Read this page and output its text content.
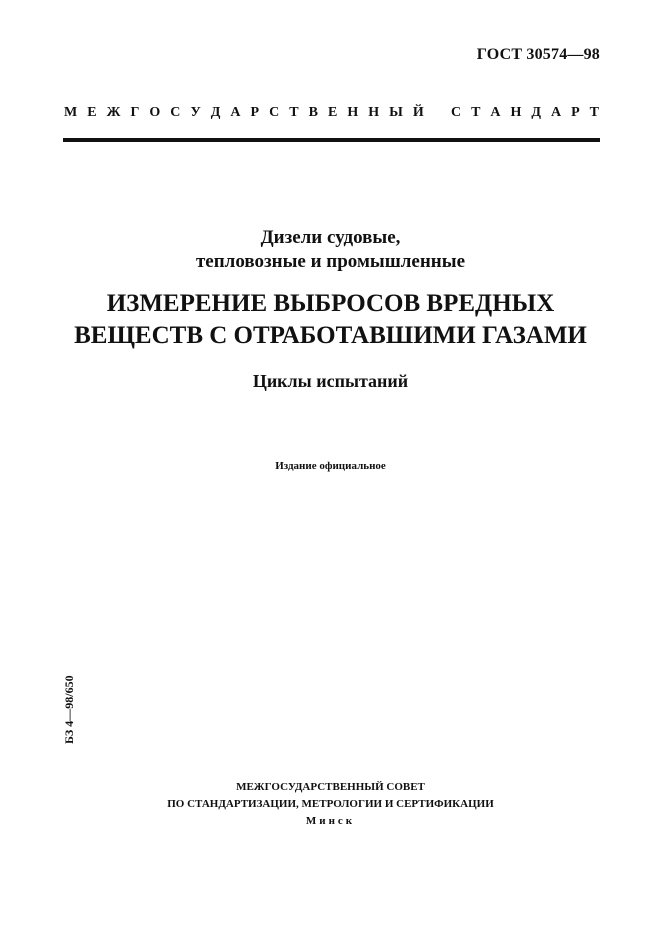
ГОСТ 30574—98
М Е Ж Г О С У Д А Р С Т В Е Н Н Ы Й С Т А Н Д А Р Т
Дизели судовые,
тепловозные и промышленные
ИЗМЕРЕНИЕ ВЫБРОСОВ ВРЕДНЫХ
ВЕЩЕСТВ С ОТРАБОТАВШИМИ ГАЗАМИ
Циклы испытаний
Издание официальное
БЗ 4—98/650
МЕЖГОСУДАРСТВЕННЫЙ СОВЕТ
ПО СТАНДАРТИЗАЦИИ, МЕТРОЛОГИИ И СЕРТИФИКАЦИИ
Минск
